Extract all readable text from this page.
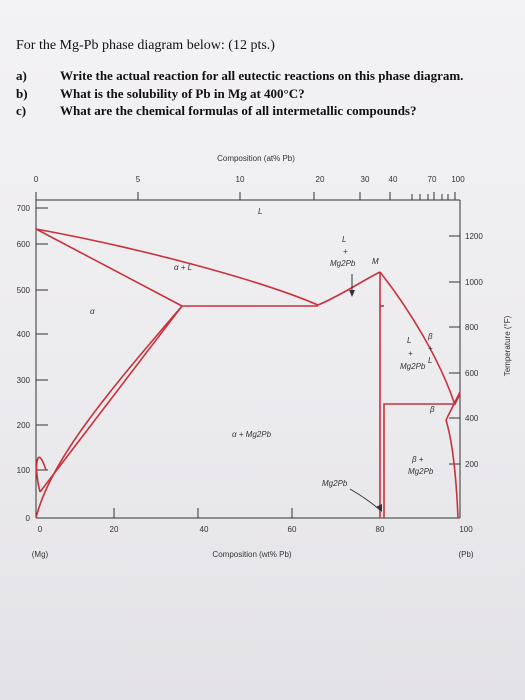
For the Mg-Pb phase diagram below: (12 pts.)
a)	Write the actual reaction for all eutectic reactions on this phase diagram.
b) What is the solubility of Pb in Mg at 400°C?
c)	What are the chemical formulas of all intermetallic compounds?
Composition (at% Pb)
0	5	10	20	30 40	70 100
700
600
500
400
300
200
100
0
1200
1000
800
600
400
200
Temperature (°F)
0	20	40	60	80	100
(Mg)	(Pb)
Composition (wt% Pb)
L
α
α + L
α + Mg2Pb
L
+
Mg2Pb M
L
+
Mg2Pb
β
+
L
β
β +
Mg2Pb
Mg2Pb
